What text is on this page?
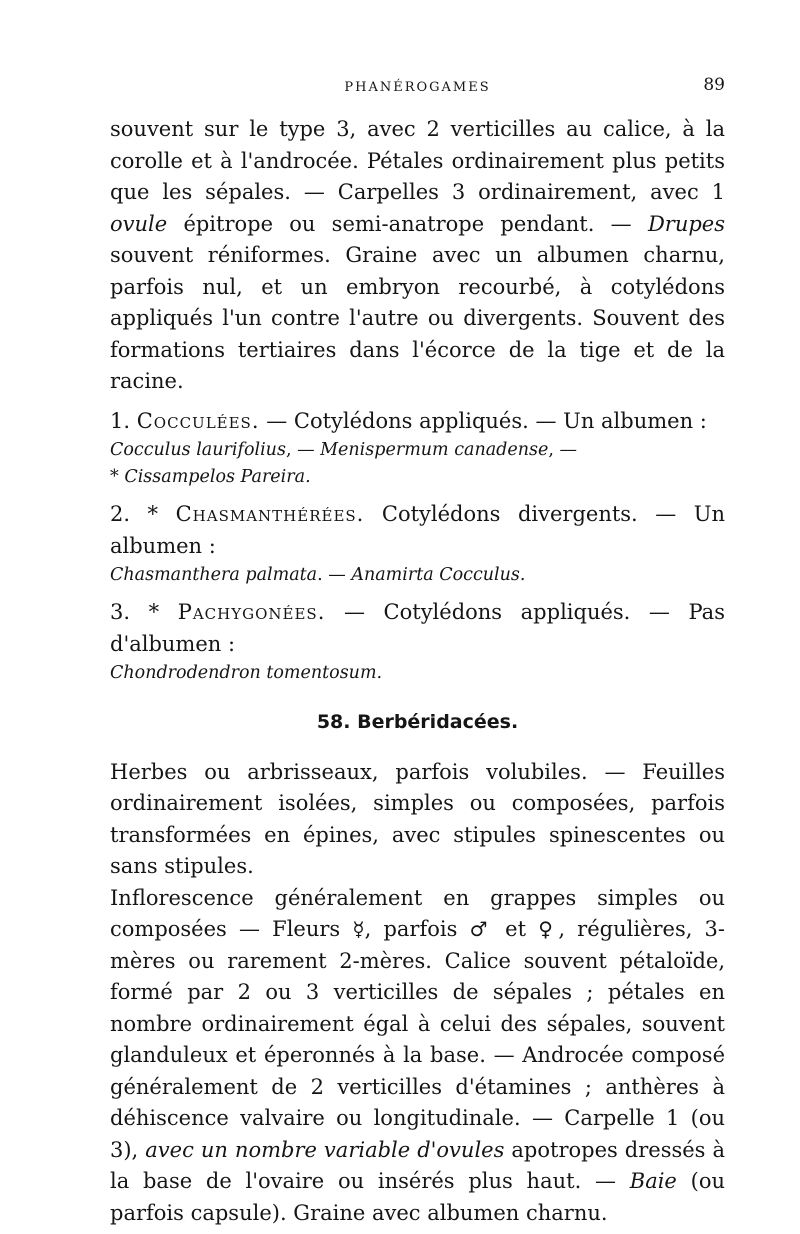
PHANÉROGAMES	89

souvent sur le type 3, avec 2 verticilles au calice, à la corolle et à l'androcée. Pétales ordinairement plus petits que les sépales. — Carpelles 3 ordinairement, avec 1 ovule épitrope ou semi-anatrope pendant. — Drupes souvent réniformes. Graine avec un albumen charnu, parfois nul, et un embryon recourbé, à cotylédons appliqués l'un contre l'autre ou divergents. Souvent des formations tertiaires dans l'écorce de la tige et de la racine.

1. Cocculées. — Cotylédons appliqués. — Un albumen :
Cocculus laurifolius, — Menispermum canadense, —
* Cissampelos Pareira.
2. * Chasmanthérées. Cotylédons divergents. — Un albumen :
Chasmanthera palmata. — Anamirta Cocculus.
3. * Pachygonées. — Cotylédons appliqués. — Pas d'albumen :
Chondrodendron tomentosum.
58. Berbéridacées.

Herbes ou arbrisseaux, parfois volubiles. — Feuilles ordinairement isolées, simples ou composées, parfois transformées en épines, avec stipules spinescentes ou sans stipules.

Inflorescence généralement en grappes simples ou composées — Fleurs ☿, parfois ♂ et ♀, régulières, 3-mères ou rarement 2-mères. Calice souvent pétaloïde, formé par 2 ou 3 verticilles de sépales ; pétales en nombre ordinairement égal à celui des sépales, souvent glanduleux et éperonnés à la base. — Androcée composé généralement de 2 verticilles d'étamines ; anthères à déhiscence valvaire ou longitudinale. — Carpelle 1 (ou 3), avec un nombre variable d'ovules apotropes dressés à la base de l'ovaire ou insérés plus haut. — Baie (ou parfois capsule). Graine avec albumen charnu.
